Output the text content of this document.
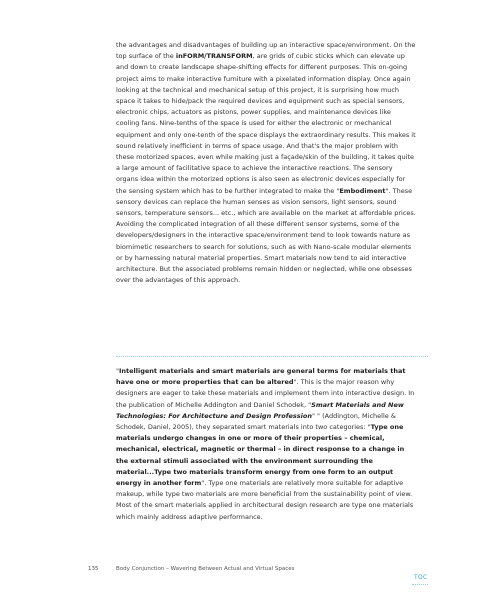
the advantages and disadvantages of building up an interactive space/environment. On the top surface of the inFORM/TRANSFORM, are grids of cubic sticks which can elevate up and down to create landscape shape-shifting effects for different purposes. This on-going project aims to make interactive furniture with a pixelated information display. Once again looking at the technical and mechanical setup of this project, it is surprising how much space it takes to hide/pack the required devices and equipment such as special sensors, electronic chips, actuators as pistons, power supplies, and maintenance devices like cooling fans. Nine-tenths of the space is used for either the electronic or mechanical equipment and only one-tenth of the space displays the extraordinary results. This makes it sound relatively inefficient in terms of space usage. And that's the major problem with these motorized spaces, even while making just a façade/skin of the building, it takes quite a large amount of facilitative space to achieve the interactive reactions. The sensory organs idea within the motorized options is also seen as electronic devices especially for the sensing system which has to be further integrated to make the "Embodiment". These sensory devices can replace the human senses as vision sensors, light sensors, sound sensors, temperature sensors... etc., which are available on the market at affordable prices. Avoiding the complicated integration of all these different sensor systems, some of the developers/designers in the interactive space/environment tend to look towards nature as biomimetic researchers to search for solutions, such as with Nano-scale modular elements or by harnessing natural material properties. Smart materials now tend to aid interactive architecture. But the associated problems remain hidden or neglected, while one obsesses over the advantages of this approach.

"Intelligent materials and smart materials are general terms for materials that have one or more properties that can be altered". This is the major reason why designers are eager to take these materials and implement them into interactive design. In the publication of Michelle Addington and Daniel Schodek, "Smart Materials and New Technologies: For Architecture and Design Profession" " (Addington, Michelle & Schodek, Daniel, 2005), they separated smart materials into two categories: "Type one materials undergo changes in one or more of their properties – chemical, mechanical, electrical, magnetic or thermal – in direct response to a change in the external stimuli associated with the environment surrounding the material...Type two materials transform energy from one form to an output energy in another form". Type one materials are relatively more suitable for adaptive makeup, while type two materials are more beneficial from the sustainability point of view. Most of the smart materials applied in architectural design research are type one materials which mainly address adaptive performance.

135	Body Conjunction – Wavering Between Actual and Virtual Spaces
TOC
